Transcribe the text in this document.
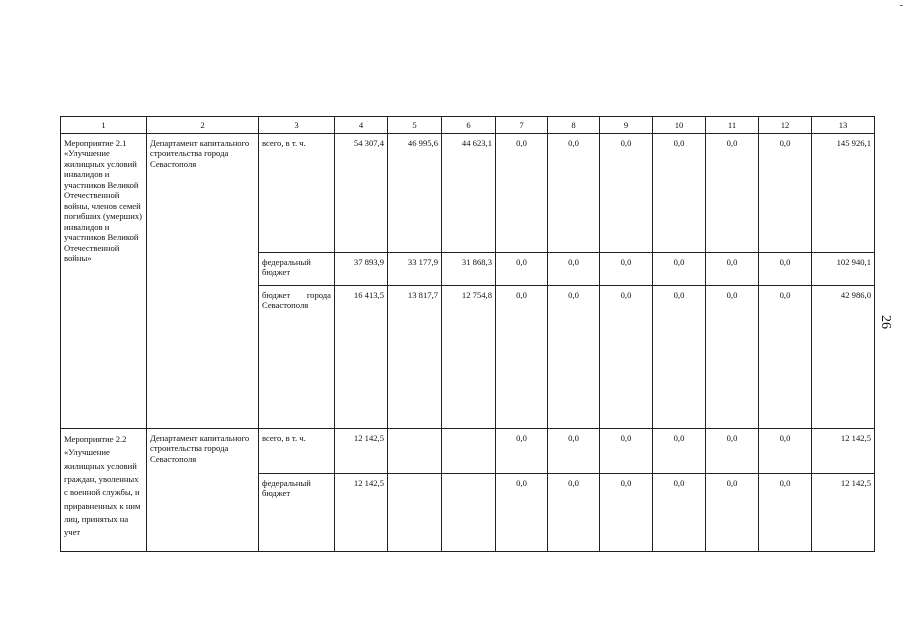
-
26
1	2	3	4	5	6	7	8	9	10	11	12	13
Мероприятие 2.1 «Улучшение жилищных условий инвалидов и участников Великой Отечественной войны, членов семей погибших (умерших) инвалидов и участников Великой Отечественной войны»	Департамент капитального строительства города Севастополя	всего, в т. ч.	54 307,4	46 995,6	44 623,1	0,0	0,0	0,0	0,0	0,0	0,0	145 926,1
		федеральный бюджет	37 893,9	33 177,9	31 868,3	0,0	0,0	0,0	0,0	0,0	0,0	102 940,1
		бюджет города Севастополя	16 413,5	13 817,7	12 754,8	0,0	0,0	0,0	0,0	0,0	0,0	42 986,0
Мероприятие 2.2 «Улучшение жилищных условий граждан, уволенных с военной службы, и приравненных к ним лиц, принятых на учет	Департамент капитального строительства города Севастополя	всего, в т. ч.	12 142,5			0,0	0,0	0,0	0,0	0,0	0,0	12 142,5
		федеральный бюджет	12 142,5			0,0	0,0	0,0	0,0	0,0	0,0	12 142,5
